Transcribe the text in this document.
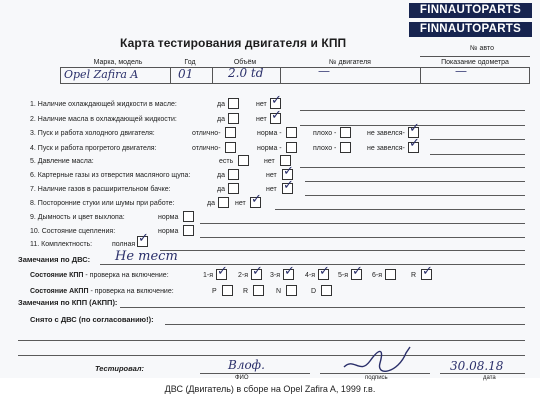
FINNAUTOPARTS
FINNAUTOPARTS
№ авто
Показание одометра
Карта тестирования двигателя и КПП
Марка, модель	Год	Объём	№ двигателя
Opel Zafira A	01	2.0 td	—	—
1. Наличие охлаждающей жидкости в масле:	да	нет ✓
2. Наличие масла в охлаждающей жидкости:	да	нет ✓
3. Пуск и работа холодного двигателя:	отлично-	норма -	плохо -	не завелся- ✓
4. Пуск и работа прогретого двигателя:	отлично-	норма -	плохо -	не завелся- ✓
5. Давление масла:	есть	нет
6. Картерные газы из отверстия масляного щупа:	да	нет ✓
7. Наличие газов в расширительном бачке:	да	нет ✓
8. Посторонние стуки или шумы при работе:	да	нет ✓
9. Дымность и цвет выхлопа:	норма
10. Состояние сцепления:	норма
11. Комплектность:	полная ✓
Замечания по ДВС: Не тест
Состояние КПП - проверка на включение:	1-я ✓ 2-я ✓ 3-я ✓ 4-я ✓ 5-я ✓ 6-я	R ✓
Состояние АКПП - проверка на включение:	P	R	N	D
Замечания по КПП (АКПП):
Снято с ДВС (по согласованию!):
Тестировал:	Влоф.
ФИО	подпись
30.08.18
дата
ДВС (Двигатель) в сборе на Opel Zafira A, 1999 г.в.
